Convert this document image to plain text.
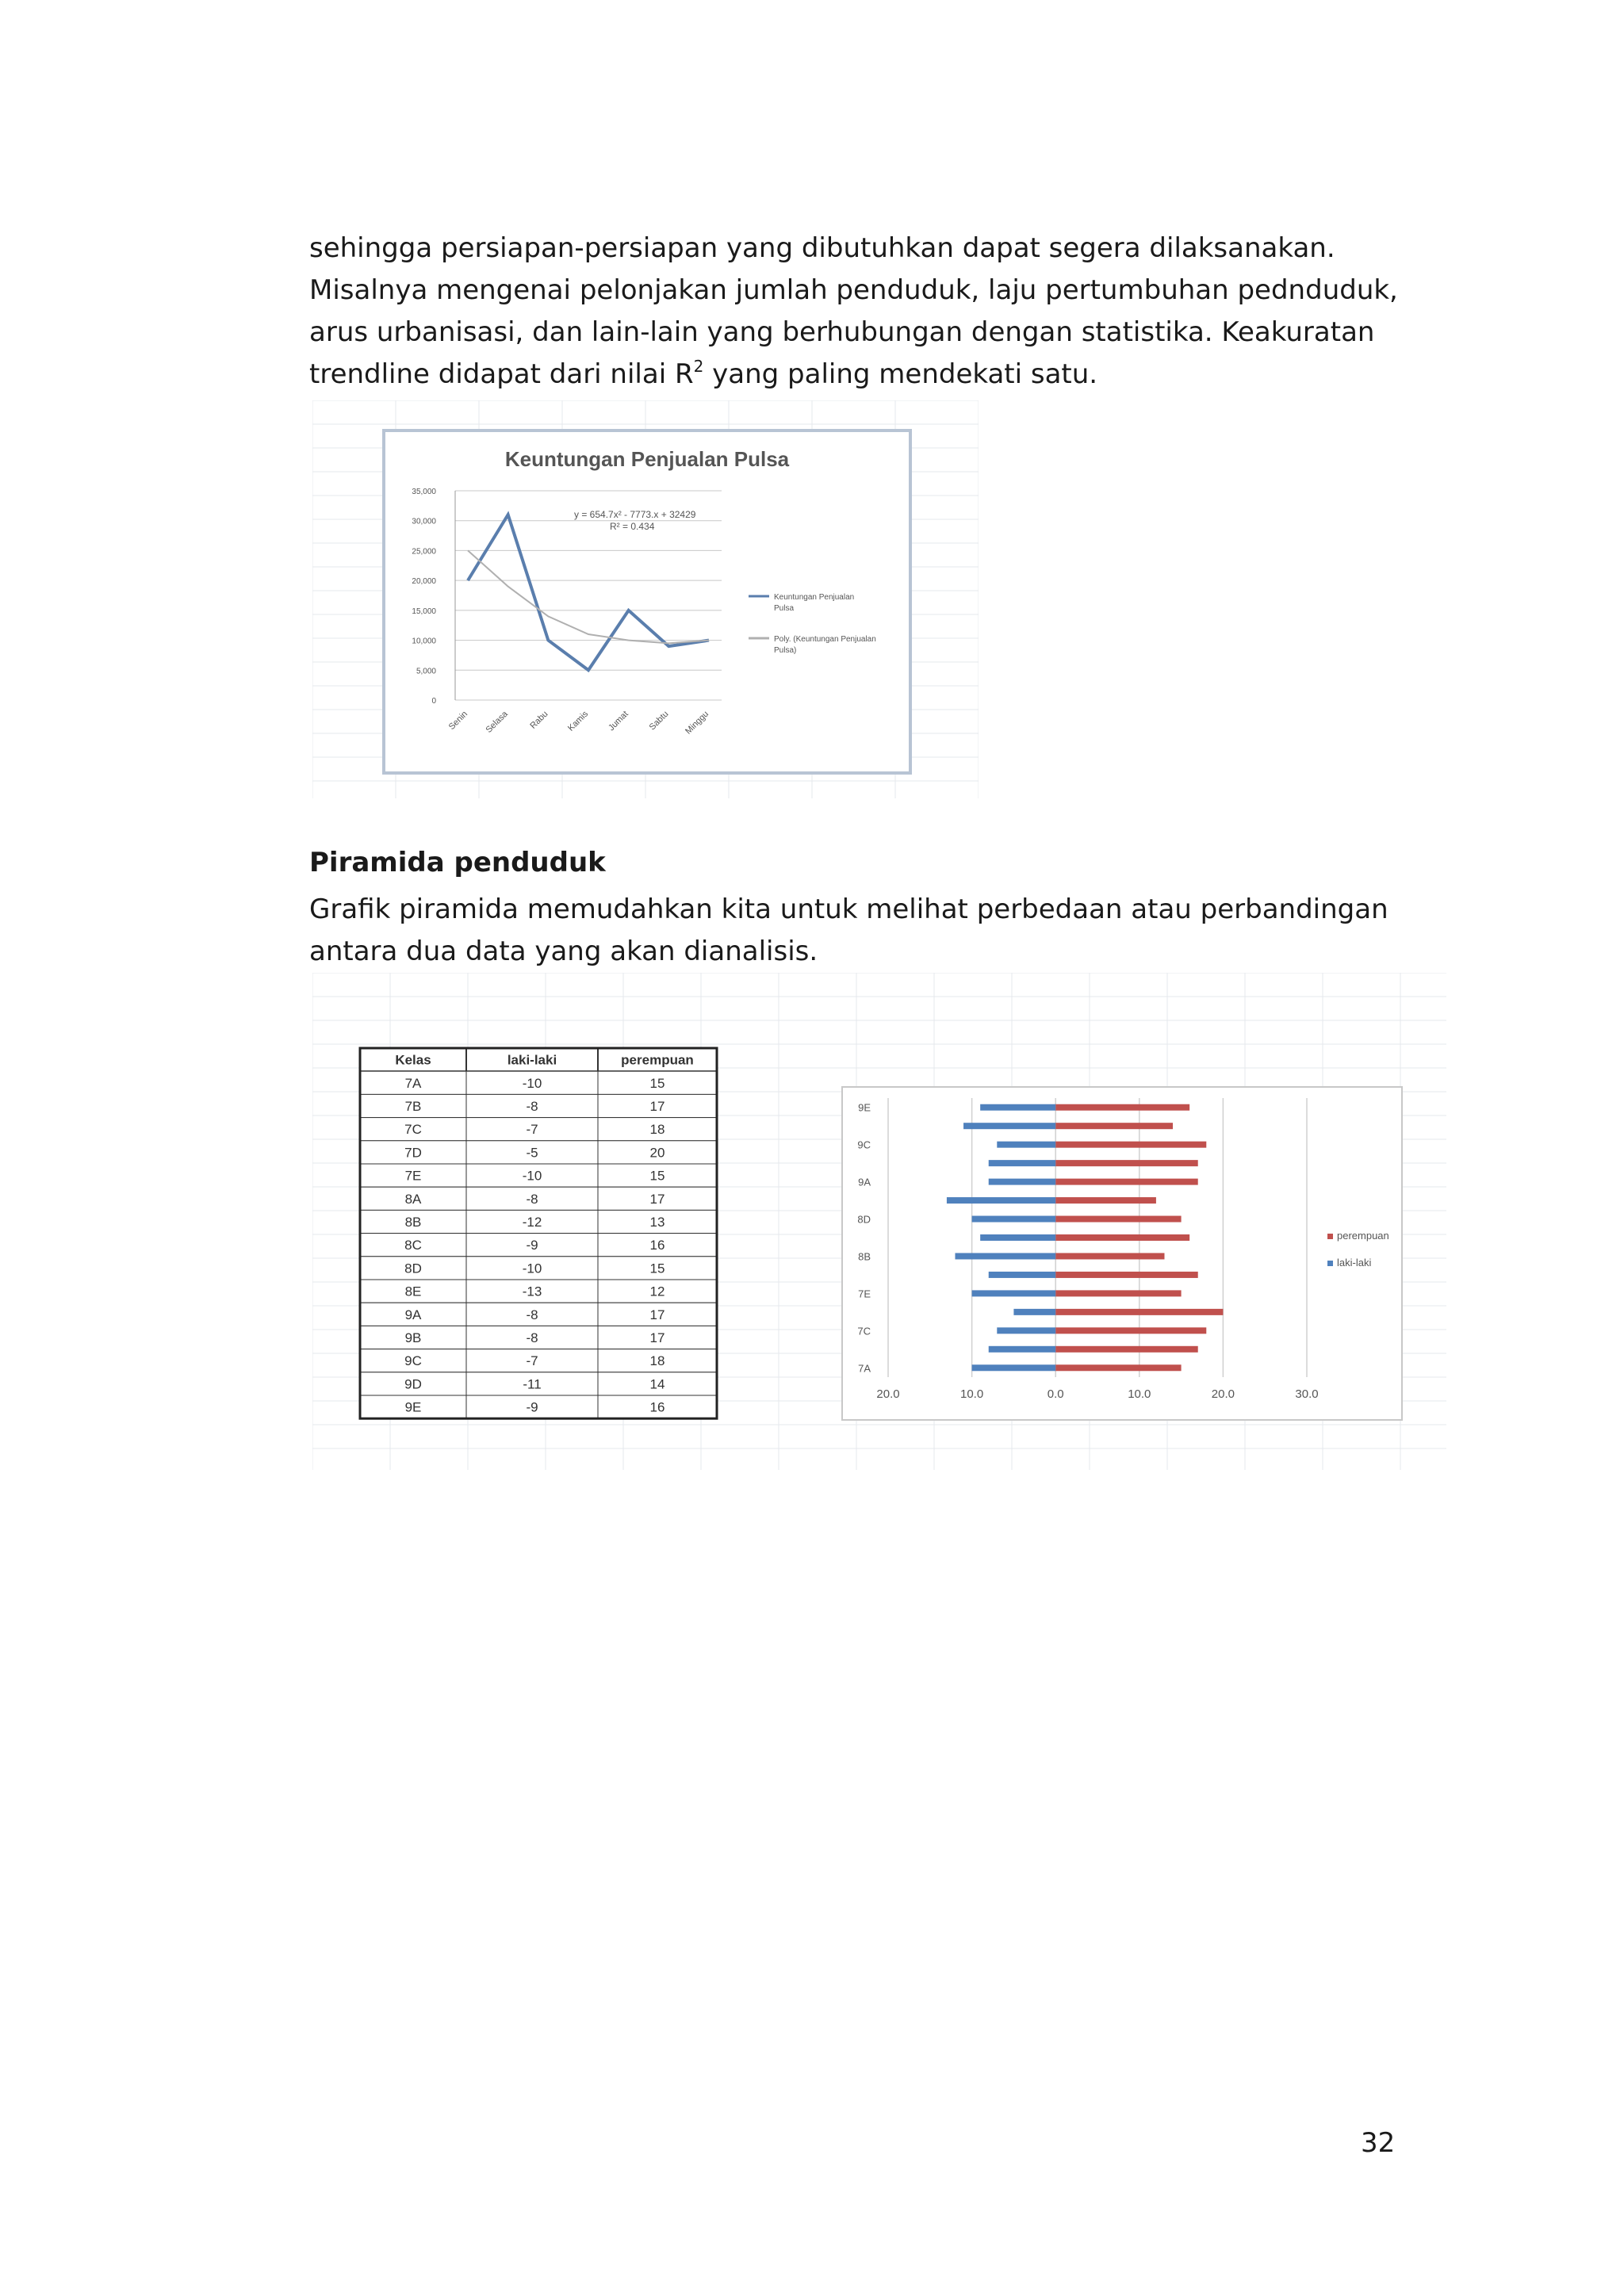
sehingga persiapan-persiapan yang dibutuhkan dapat segera dilaksanakan. Misalnya mengenai pelonjakan jumlah penduduk, laju pertumbuhan pednduduk, arus urbanisasi, dan lain-lain yang berhubungan dengan statistika. Keakuratan trendline didapat dari nilai $R^2$ yang paling mendekati satu.

Keuntungan Penjualan Pulsa
y = 654.7x² - 7773.x + 32429
R² = 0.434
35,000
30,000
25,000
20,000
15,000
10,000
5,000
0
Senin Selasa Rabu Kamis Jumat Sabtu Minggu
Keuntungan Penjualan Pulsa
Poly. (Keuntungan Penjualan Pulsa)
Piramida penduduk

Grafik piramida memudahkan kita untuk melihat perbedaan atau perbandingan antara dua data yang akan dianalisis.

Kelas	laki-laki	perempuan
7A	-10	15
7B	-8	17
7C	-7	18
7D	-5	20
7E	-10	15
8A	-8	17
8B	-12	13
8C	-9	16
8D	-10	15
8E	-13	12
9A	-8	17
9B	-8	17
9C	-7	18
9D	-11	14
9E	-9	16
20.0	10.0	0.0	10.0	20.0	30.0
7A
7C
7E
8B
8D
9A
9C
9E
perempuan
laki-laki

32
